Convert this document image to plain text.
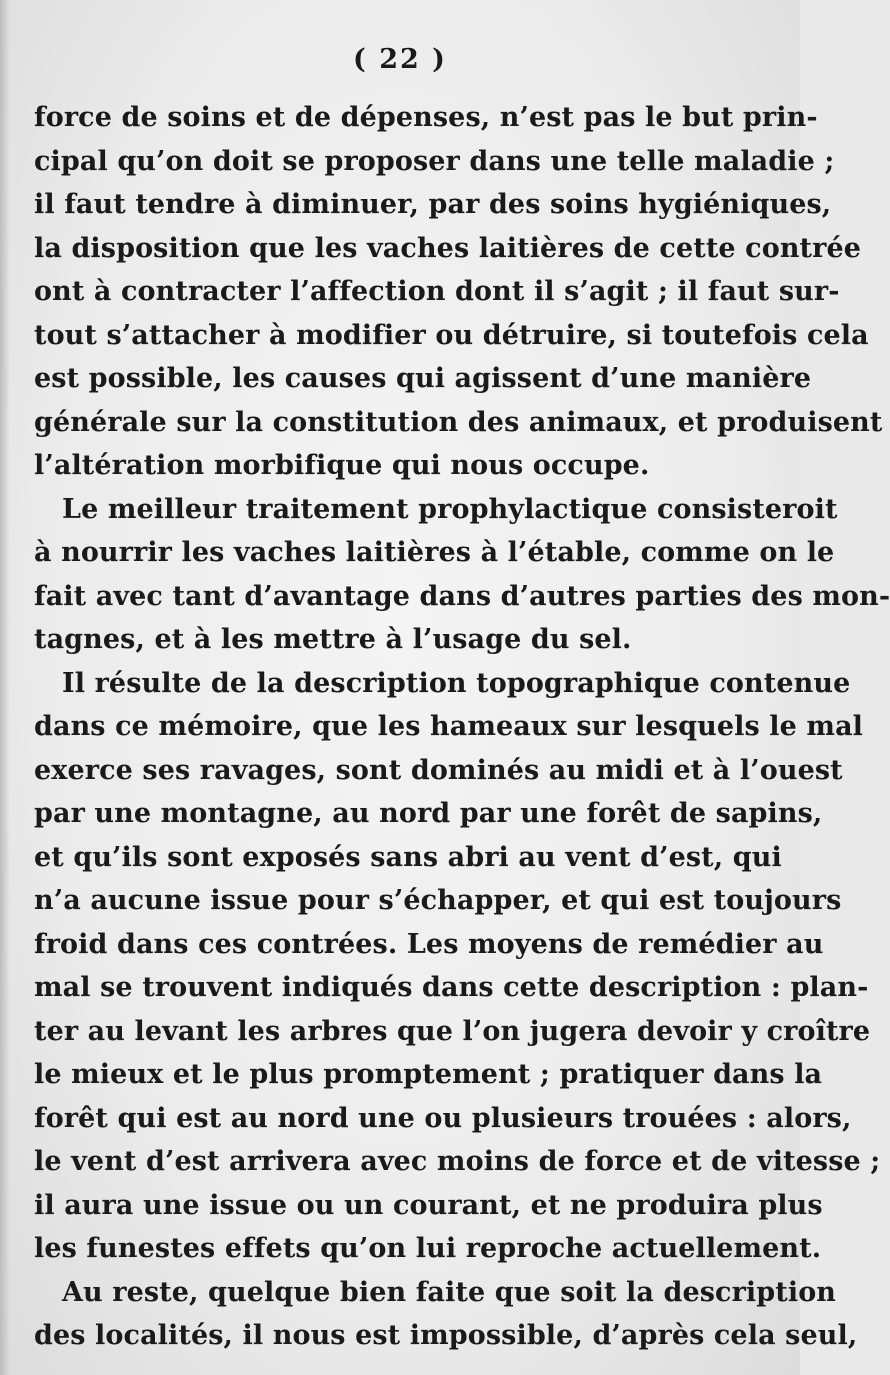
( 22 )
force de soins et de dépenses, n’est pas le but prin-
cipal qu’on doit se proposer dans une telle maladie ;
il faut tendre à diminuer, par des soins hygiéniques,
la disposition que les vaches laitières de cette contrée
ont à contracter l’affection dont il s’agit ; il faut sur-
tout s’attacher à modifier ou détruire, si toutefois cela
est possible, les causes qui agissent d’une manière
générale sur la constitution des animaux, et produisent
l’altération morbifique qui nous occupe.
Le meilleur traitement prophylactique consisteroit
à nourrir les vaches laitières à l’étable, comme on le
fait avec tant d’avantage dans d’autres parties des mon-
tagnes, et à les mettre à l’usage du sel.
Il résulte de la description topographique contenue
dans ce mémoire, que les hameaux sur lesquels le mal
exerce ses ravages, sont dominés au midi et à l’ouest
par une montagne, au nord par une forêt de sapins,
et qu’ils sont exposés sans abri au vent d’est, qui
n’a aucune issue pour s’échapper, et qui est toujours
froid dans ces contrées. Les moyens de remédier au
mal se trouvent indiqués dans cette description : plan-
ter au levant les arbres que l’on jugera devoir y croître
le mieux et le plus promptement ; pratiquer dans la
forêt qui est au nord une ou plusieurs trouées : alors,
le vent d’est arrivera avec moins de force et de vitesse ;
il aura une issue ou un courant, et ne produira plus
les funestes effets qu’on lui reproche actuellement.
Au reste, quelque bien faite que soit la description
des localités, il nous est impossible, d’après cela seul,
